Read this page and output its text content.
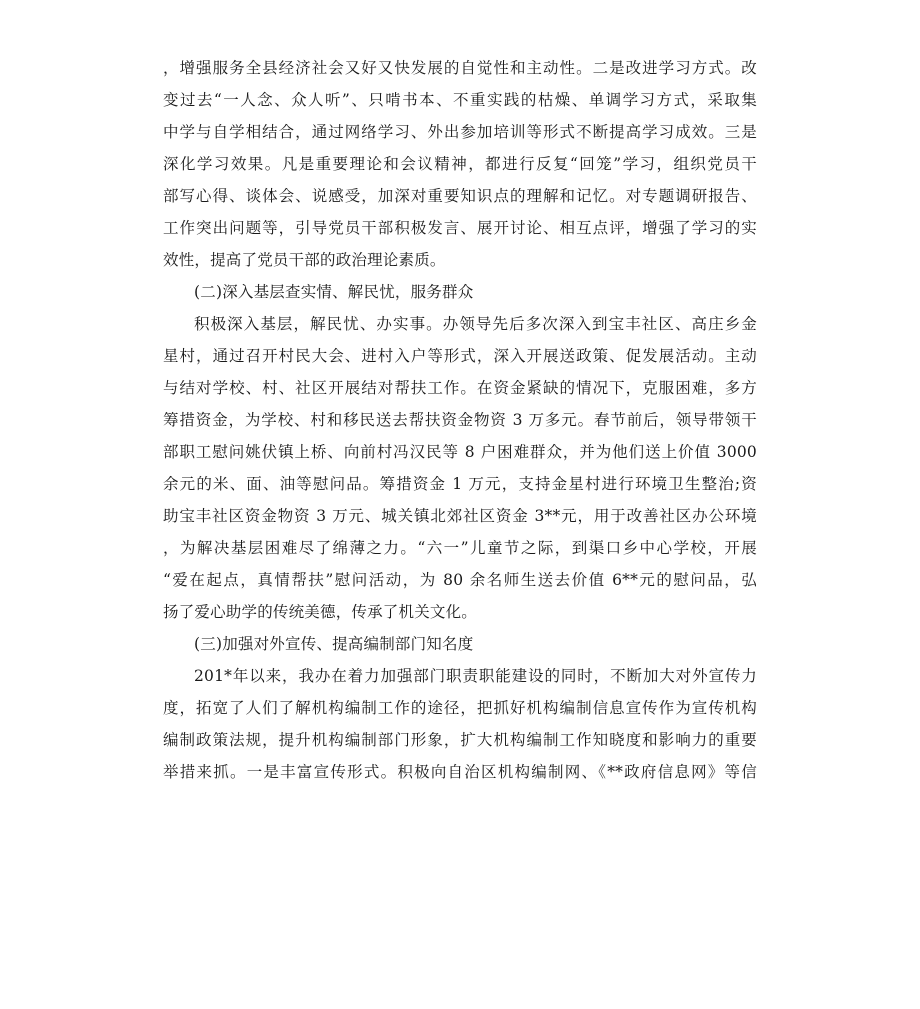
，增强服务全县经济社会又好又快发展的自觉性和主动性。二是改进学习方式。改
变过去“一人念、众人听”、只啃书本、不重实践的枯燥、单调学习方式，采取集
中学与自学相结合，通过网络学习、外出参加培训等形式不断提高学习成效。三是
深化学习效果。凡是重要理论和会议精神，都进行反复“回笼”学习，组织党员干
部写心得、谈体会、说感受，加深对重要知识点的理解和记忆。对专题调研报告、
工作突出问题等，引导党员干部积极发言、展开讨论、相互点评，增强了学习的实
效性，提高了党员干部的政治理论素质。
(二)深入基层查实情、解民忧，服务群众
积极深入基层，解民忧、办实事。办领导先后多次深入到宝丰社区、高庄乡金
星村，通过召开村民大会、进村入户等形式，深入开展送政策、促发展活动。主动
与结对学校、村、社区开展结对帮扶工作。在资金紧缺的情况下，克服困难，多方
筹措资金，为学校、村和移民送去帮扶资金物资 3 万多元。春节前后，领导带领干
部职工慰问姚伏镇上桥、向前村冯汉民等 8 户困难群众，并为他们送上价值 3000
余元的米、面、油等慰问品。筹措资金 1 万元，支持金星村进行环境卫生整治;资
助宝丰社区资金物资 3 万元、城关镇北郊社区资金 3**元，用于改善社区办公环境
，为解决基层困难尽了绵薄之力。“六一”儿童节之际，到渠口乡中心学校，开展
“爱在起点，真情帮扶”慰问活动，为 80 余名师生送去价值 6**元的慰问品，弘
扬了爱心助学的传统美德，传承了机关文化。
(三)加强对外宣传、提高编制部门知名度
201*年以来，我办在着力加强部门职责职能建设的同时，不断加大对外宣传力
度，拓宽了人们了解机构编制工作的途径，把抓好机构编制信息宣传作为宣传机构
编制政策法规，提升机构编制部门形象，扩大机构编制工作知晓度和影响力的重要
举措来抓。一是丰富宣传形式。积极向自治区机构编制网、《**政府信息网》等信
